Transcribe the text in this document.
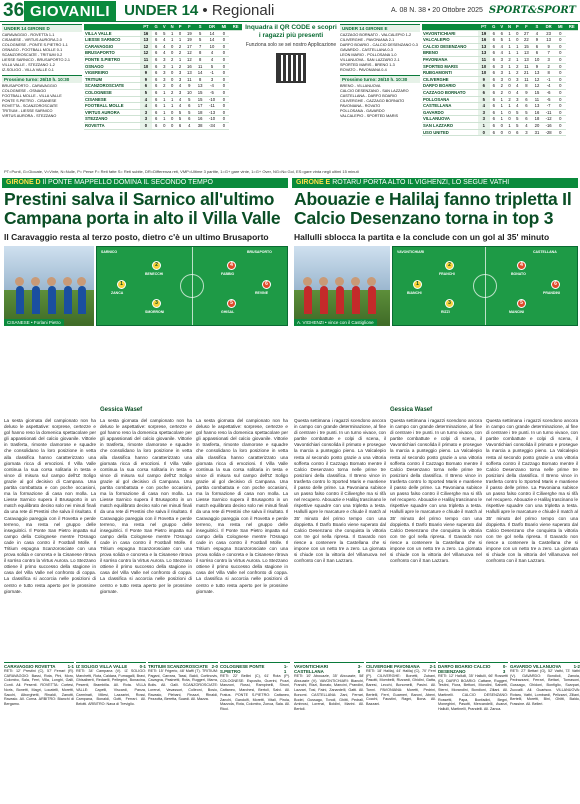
36 GIOVANILI UNDER 14 • Regionali	A. 08 N. 38 • 20 Ottobre 2025 SPORT&SPORT
UNDER 14 GIRONE D
CARAVAGGIO - ROVETTA 1-1
CISANESE - VIRTUS AURORA 2-0
COLOGNESE - PONTE S.PIETRO 1-1
OSNAGO - FOOTBALL MOLLE 0-1
SCANZOROSCIATE - TRITIUM 0-2
LIESSE SARNICO - BRUSAPORTO 2-1
VILLA VALLE - STEZZANO 1-2
IZ-SOLIGO - VILLA VALLE 0-1
Prossimo turno: 26/10 h. 10:30
BRUSAPORTO - CARAVAGGIO
COLOGNESE - OSNAGO
FOOTBALL MOLLE - VILLA VALLE
PONTE S.PIETRO - CISANESE
ROVETTA - SCANZOROSCIATE
TRITIUM - LIESSE SARNICO
VIRTUS AURORA - STEZZANO
	PT	G	V	N	P	F	S	DR	MI	RE
VILLA VALLE	16	6	5	1	0	19	5	14	0	
LIESSE SARNICO	13	6	4	1	1	19	5	14	0	
CARAVAGGIO	12	6	4	0	2	17	7	10	0	
BRUSAPORTO	12	6	4	0	2	12	8	4	0	
PONTE S.PIETRO	11	6	3	2	1	12	8	4	0	
OSNAGO	10	6	3	1	2	16	11	5	0	
VIGEREIRO	9	6	3	0	3	13	14	-1	0	
TRITIUM	9	6	3	0	3	11	8	3	0	
SCANZOROSCIATE	6	6	2	0	4	9	13	-4	0	
COLOGNESE	5	6	1	2	3	10	15	-5	0	
CISANESE	4	6	1	1	4	5	15	-10	0	
FOOTBALL MOLLE	4	6	1	1	4	6	17	-11	0	
VIRTUS AURORA	3	6	1	0	5	5	18	-13	0	
STEZZANO	3	6	1	0	5	6	16	-10	0	
ROVETTA	0	6	0	0	6	4	38	-34	0	
Inquadra il QR CODE e scopri i ragazzi più presenti
Funziona solo se sei nostro Applicazione
UNDER 14 GIRONE E
CAZZAGO BORNATO - VALCALEPIO 1-2
CILIVERGHE - PAVONIANA 2-1
DARFO BOARIO - CALCIO DESENZANO 0-3
GAVARDO - CASTELLANA 0-3
LEON MARIO - POLLOSANA 1-0
VILLANUOVA - SAN LAZZARO 2-1
SPORTED MARIS - BRENO 1-3
ROVATO - PAVONIANA 0-4
Prossimo turno: 26/10 h. 10:30
BRENO - VILLANUOVA
CALCIO DESENZANO - SAN LAZZARO
CASTELLANA - DARFO BOARIO
CILIVERGHE - CAZZAGO BORNATO
PAVONIANA - ROVATO
POLLOSANA - GAVARDO
VALCALEPIO - SPORTED MARIS
	PT	G	V	N	P	F	S	DR	MI	RE
VAVONTICHIARI	19	6	6	1	0	27	4	23	0	
VALCALEPIO	16	6	5	1	0	22	9	13	0	
CALCIO DESENZANO	13	6	4	1	1	15	6	9	0	
BRENO	13	6	4	1	1	13	6	7	0	
PAVONIANA	11	6	3	2	1	13	10	3	0	
SPORTED MARIS	10	6	3	1	2	11	9	2	0	
RUBGAMONTI	10	6	3	1	2	21	13	8	0	
CILIVERGHE	9	6	3	0	3	11	12	-1	0	
DARFO BOARIO	6	6	2	0	4	8	12	-4	0	
CAZZAGO BORNATO	6	6	2	0	4	9	15	-6	0	
POLLOSANA	5	6	1	2	3	6	11	-5	0	
CASTELLANA	4	6	1	1	4	6	13	-7	0	
GAVARDO	3	6	1	0	5	5	16	-11	0	
VILLANUOVA	3	6	1	0	5	6	18	-12	0	
SAN LAZZARO	1	6	0	1	5	4	20	-16	0	
USO UNITED	0	6	0	0	6	3	31	-28	0	
PT=Punti, G=Giocate, V=Vinte, N=Nulle, P= Perse F= Reti fatte S= Reti subite, DR=Differenza reti, VMP=Ultime 3 partite, 1=G+ gare vinte, 1=G+ Over, NG=No Gol, ES=gare vinta negli ultimi 15 minuti
GIRONE D Il PONTE MAPPELLO DOMINA IL SECONDO TEMPO	GIRONE E ROTARU PORTA ALTO IL VIGHENZI, LO SEGUE VATHI
Prestini salva il Sarnico all'ultimo Campana porta in alto il Villa Valle
Abouazie e Halilaj fanno tripletta Il Calcio Desenzano torna in top 3
Il Caravaggio resta al terzo posto, dietro c'è un ultimo Brusaporto	Hallulli sblocca la partita e la conclude con un gol al 35' minuto
CISANESE • Forlani Pietro
1
ZANCA
2
BENECCHI
3
SMORRONI
4
FABBIO
5
GHISAL
6
REVINE
SARNICO	BRUSAPORTO
A. VIGHENZI • vince con il Castiglione
1
BIANCHI
2
FRANCHI
3
RIZZI
4
BONATO
5
MANCINI
6
PRANDINI
VAVONTICHIARI	CASTELLANA
Gessica Wasef	Gessica Wasef
La sesta giornata del campionato non ha deluso le aspettative: sorprese, certezze e gol hanno reso la domenica spettacolare per gli appassionati del calcio giovanile. Vittorie in trasferta, rimonte clamorose e squadre che consolidano la loro posizione in vetta alla classifica hanno caratterizzato una giornata ricca di emozioni. Il Villa Valle continua la sua corsa solitaria in testa e vince di misura sul campo dell'IZ Soligo grazie al gol decisivo di Campana. Una partita combattuta e con poche occasioni, ma la formazione di casa non molla. La Liesse Sarnico supera il Brusaporto in un match equilibrato deciso solo nei minuti finali da una rete di Prestini che salva il risultato. Il Caravaggio pareggia con il Rovetta e perde terreno, ma resta nel gruppo delle inseguitrici. Il Ponte San Pietro impatta sul campo della Colognese mentre l'Osnago cade in casa contro il Football Molle. Il Tritium espugna Scanzorosciate con una prova solida e concreta e la Cisanese ritrova il sorriso contro la Virtus Aurora. Lo Stezzano ottiene il primo successo della stagione in casa del Villa Valle nel confronto di coppa. La classifica si accorcia nelle posizioni di centro e tutto resta aperto per le prossime giornate.
La sesta giornata del campionato non ha deluso le aspettative: sorprese, certezze e gol hanno reso la domenica spettacolare per gli appassionati del calcio giovanile. Vittorie in trasferta, rimonte clamorose e squadre che consolidano la loro posizione in vetta alla classifica hanno caratterizzato una giornata ricca di emozioni. Il Villa Valle continua la sua corsa solitaria in testa e vince di misura sul campo dell'IZ Soligo grazie al gol decisivo di Campana. Una partita combattuta e con poche occasioni, ma la formazione di casa non molla. La Liesse Sarnico supera il Brusaporto in un match equilibrato deciso solo nei minuti finali da una rete di Prestini che salva il risultato. Il Caravaggio pareggia con il Rovetta e perde terreno, ma resta nel gruppo delle inseguitrici. Il Ponte San Pietro impatta sul campo della Colognese mentre l'Osnago cade in casa contro il Football Molle. Il Tritium espugna Scanzorosciate con una prova solida e concreta e la Cisanese ritrova il sorriso contro la Virtus Aurora. Lo Stezzano ottiene il primo successo della stagione in casa del Villa Valle nel confronto di coppa. La classifica si accorcia nelle posizioni di centro e tutto resta aperto per le prossime giornate.
La sesta giornata del campionato non ha deluso le aspettative: sorprese, certezze e gol hanno reso la domenica spettacolare per gli appassionati del calcio giovanile. Vittorie in trasferta, rimonte clamorose e squadre che consolidano la loro posizione in vetta alla classifica hanno caratterizzato una giornata ricca di emozioni. Il Villa Valle continua la sua corsa solitaria in testa e vince di misura sul campo dell'IZ Soligo grazie al gol decisivo di Campana. Una partita combattuta e con poche occasioni, ma la formazione di casa non molla. La Liesse Sarnico supera il Brusaporto in un match equilibrato deciso solo nei minuti finali da una rete di Prestini che salva il risultato. Il Caravaggio pareggia con il Rovetta e perde terreno, ma resta nel gruppo delle inseguitrici. Il Ponte San Pietro impatta sul campo della Colognese mentre l'Osnago cade in casa contro il Football Molle. Il Tritium espugna Scanzorosciate con una prova solida e concreta e la Cisanese ritrova il sorriso contro la Virtus Aurora. Lo Stezzano ottiene il primo successo della stagione in casa del Villa Valle nel confronto di coppa. La classifica si accorcia nelle posizioni di centro e tutto resta aperto per le prossime giornate.
Questa settimana i ragazzi scendono ancora in campo con grande determinazione, al fine di centrare i tre punti. In un turno vivace, con partite combattute e colpi di scena, il Vavontichiari consolida il primato e prosegue la marcia a punteggio pieno. La Valcalepio resta al secondo posto grazie a una vittoria sofferta contro il Cazzago Bornato mentre il Calcio Desenzano torna nelle prime tre posizioni della classifica. Il Breno vince in trasferta contro lo Sported Maris e mantiene il passo delle prime. La Pavoniana subisce un passo falso contro il Ciliverghe ma si rifà nel recupero. Abouazie e Halilaj trascinano le rispettive squadre con una tripletta a testa. Hallulli apre le marcature e chiude il match al 35' minuto del primo tempo con una doppietta. Il Darfo Boario viene superato dal Calcio Desenzano che conquista la vittoria con tre gol nella ripresa. Il Gavardo non riesce a contenere la Castellana che si impone con un netto tre a zero. La giornata si chiude con la vittoria del Villanuova nel confronto con il San Lazzaro.
Questa settimana i ragazzi scendono ancora in campo con grande determinazione, al fine di centrare i tre punti. In un turno vivace, con partite combattute e colpi di scena, il Vavontichiari consolida il primato e prosegue la marcia a punteggio pieno. La Valcalepio resta al secondo posto grazie a una vittoria sofferta contro il Cazzago Bornato mentre il Calcio Desenzano torna nelle prime tre posizioni della classifica. Il Breno vince in trasferta contro lo Sported Maris e mantiene il passo delle prime. La Pavoniana subisce un passo falso contro il Ciliverghe ma si rifà nel recupero. Abouazie e Halilaj trascinano le rispettive squadre con una tripletta a testa. Hallulli apre le marcature e chiude il match al 35' minuto del primo tempo con una doppietta. Il Darfo Boario viene superato dal Calcio Desenzano che conquista la vittoria con tre gol nella ripresa. Il Gavardo non riesce a contenere la Castellana che si impone con un netto tre a zero. La giornata si chiude con la vittoria del Villanuova nel confronto con il San Lazzaro.
Questa settimana i ragazzi scendono ancora in campo con grande determinazione, al fine di centrare i tre punti. In un turno vivace, con partite combattute e colpi di scena, il Vavontichiari consolida il primato e prosegue la marcia a punteggio pieno. La Valcalepio resta al secondo posto grazie a una vittoria sofferta contro il Cazzago Bornato mentre il Calcio Desenzano torna nelle prime tre posizioni della classifica. Il Breno vince in trasferta contro lo Sported Maris e mantiene il passo delle prime. La Pavoniana subisce un passo falso contro il Ciliverghe ma si rifà nel recupero. Abouazie e Halilaj trascinano le rispettive squadre con una tripletta a testa. Hallulli apre le marcature e chiude il match al 35' minuto del primo tempo con una doppietta. Il Darfo Boario viene superato dal Calcio Desenzano che conquista la vittoria con tre gol nella ripresa. Il Gavardo non riesce a contenere la Castellana che si impone con un netto tre a zero. La giornata si chiude con la vittoria del Villanuova nel confronto con il San Lazzaro.
CARAVAGGIO ROVETTA	1-1
RETI: 12' Prestini (C), 57' Ferrari (R). CARAVAGGIO: Bassi, Rota, Pini, Moro, Colombo, Sala, Ferri, Villa, Longhi, Galli, Conti. All. Pesenti. ROVETTA: Cortesi, Noris, Bonetti, Magri, Locatelli, Moretti, Sacchi, Alborghetti, Rinaldi, Zanotti, Ravasio. All. Corna. ARBITRO: Bianchi di Bergamo.
IZ SOLIGO VILLA VALLE	0-1
RETI: 34' Campana (V). IZ SOLIGO: Marchetti, Rota, Caldara, Fumagalli, Bravi, Ghisalberti, Redaelli, Pellegrini, Bonacina, Pesenti, Brambilla. All. Rota. VILLA VALLE: Capelli, Viscardi, Panza, Carminati, Milesi, Lazzarini, Rossi, Campana, Bonaldi, Gotti, Ferrari. All. Belotti. ARBITRO: Nava di Treviglio.
TRITIUM SCANZOROSCIATE 2-0
RETI: 15' Frigerio, 48' Maffi (T). TRITIUM: Pagani, Carrara, Tassi, Baldi, Cortinovis, Cavagna, Pasinetti, Rota, Ruggeri, Marra, Bolis. All. Galli. SCANZOROSCIATE: Lorenzi, Vavassori, Colleoni, Bosio, Ravasio, Plebani, Finazzi, Rinaldi, Pezzotta, Beretta, Suardi. All. Mazza.
COLOGNESE PONTE S.PIETRO
1-1
RETI: 22' Bellini (C), 61' Rota (P). COLOGNESE: Esposito, Guerini, Pozzi, Manzoni, Rossi, Rampinelli, Sironi, Cattaneo, Marchesi, Bertoli, Salvi. All. Fratus. PONTE S.PIETRO: Cattaneo, Zanchi, Gandolfi, Moretti, Vitali, Pirola, Mazzola, Rota, Colombo, Zonca, Sala. All. Ricci.
VAVONTICHIARI CASTELLANA
3-0
RETI: 10' Abouazie, 35' Abouazie, 58' Abouazie (V). VAVONTICHIARI: Bianchi, Franchi, Rizzi, Bonato, Mancini, Prandini, Lazzari, Tosi, Faini, Zanardelli, Gatti. All. Bonomi. CASTELLANA: Zani, Ferrari, Bodei, Gussago, Tonoli, Ghitti, Pedrali, Ambrosi, Lorenzi, Boldini, Marini. All. Bertoli.
CILIVERGHE PAVONIANA 2-1
RETI: 18' Halilaj, 44' Halilaj (C), 70' Ferri (P). CILIVERGHE: Bonetti, Zubani, Pasotti, Mombelli, Rizzardi, Ghidini, Gatta, Baresi, Lecchi, Bonomelli, Pasini. All. Tonni. PAVONIANA: Moretti, Pedrini, Bertelli, Ferri, Guarneri, Baroni, Abeni, Cocchi, Faustini, Ragni, Bona. All. Bazzani.
DARFO BOARIO CALCIO DESENZANO
0-3
RETI: 12' Hallulli, 35' Hallulli, 66' Rossetti (D). DARFO BOARIO: Cattane, Ruggeri, Testini, Fiora, Bettoni, Mondini, Salvetti, Sterni, Morandini, Bondioni, Ziliani. All. Martinelli. CALCIO DESENZANO: Rossetti, Papa, Bonfadini, Begni, Moneghini, Pasotti, Mercandelli, Avanzi, Hallulli, Martinelli, Prandelli. All. Zanca.
GAVARDO VILLANUOVA	1-2
RETI: 27' Bettari (G), 52' Vathi, 73' Vathi (V). GAVARDO: Bondioli, Zanola, Pedrazzani, Ferrari, Bettari, Tomasoni, Gussago, Ghidoni, Bonfiglio, Scarpari, Zuccalli. All. Guarisco. VILLANUOVA: Rotaru, Vathi, Lombardi, Pelizzari, Ziliani, Bertelli, Moretti, Bini, Ghitti, Baldo, Frassine. All. Belleri.
